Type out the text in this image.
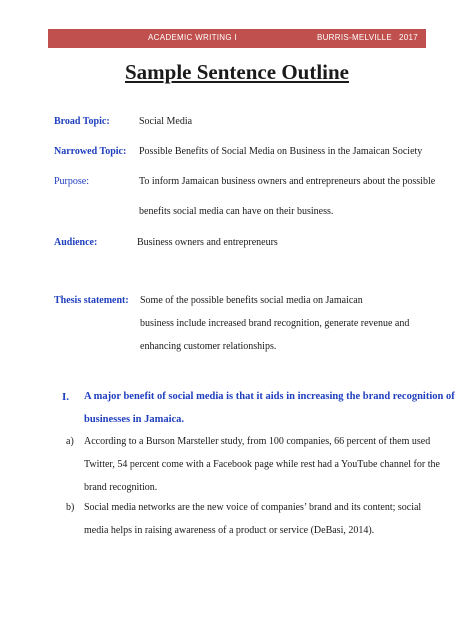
ACADEMIC WRITING I	BURRIS-MELVILLE 2017
Sample Sentence Outline
Broad Topic:	Social Media
Narrowed Topic: Possible Benefits of Social Media on Business in the Jamaican Society
Purpose:	To inform Jamaican business owners and entrepreneurs about the possible
benefits social media can have on their business.
Audience:	Business owners and entrepreneurs
Thesis statement: Some of the possible benefits social media on Jamaican
business include increased brand recognition, generate revenue and
enhancing customer relationships.
I. A major benefit of social media is that it aids in increasing the brand recognition of
businesses in Jamaica.
a) According to a Burson Marsteller study, from 100 companies, 66 percent of them used
Twitter, 54 percent come with a Facebook page while rest had a YouTube channel for the
brand recognition.
b) Social media networks are the new voice of companies’ brand and its content; social
media helps in raising awareness of a product or service (DeBasi, 2014).
